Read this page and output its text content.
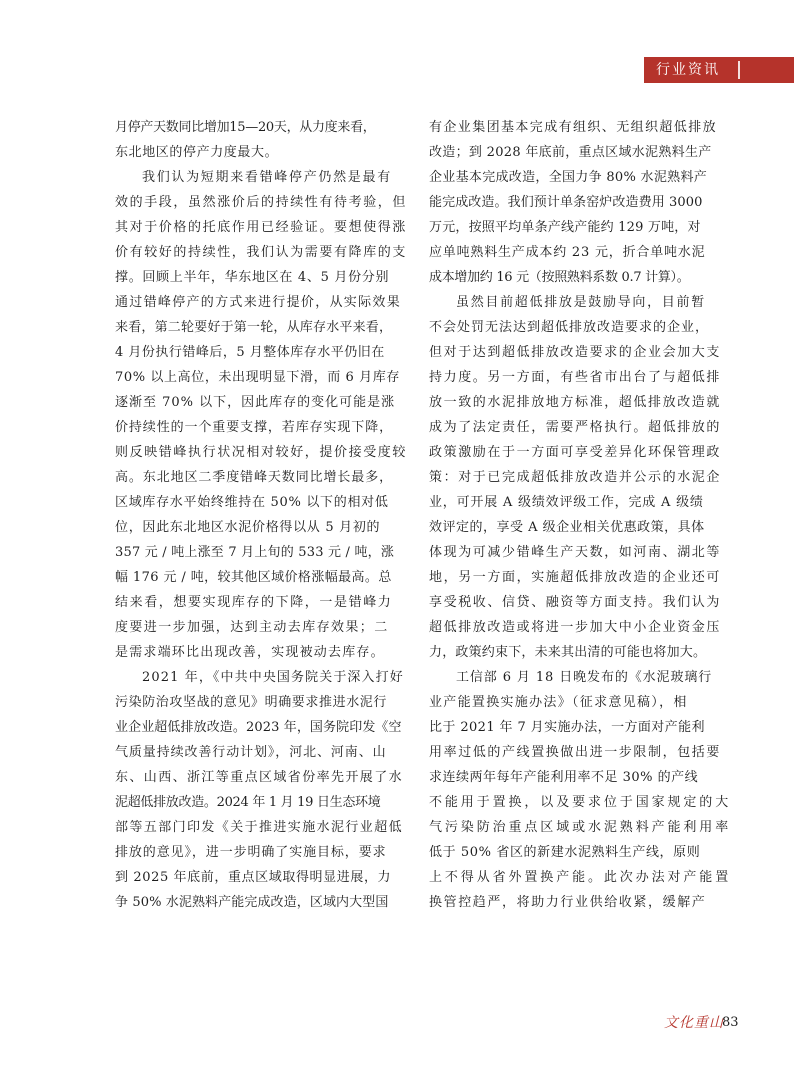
行业资讯
月停产天数同比增加15—20天，从力度来看，
东北地区的停产力度最大。
我们认为短期来看错峰停产仍然是最有
效的手段，虽然涨价后的持续性有待考验，但
其对于价格的托底作用已经验证。要想使得涨
价有较好的持续性，我们认为需要有降库的支
撑。回顾上半年，华东地区在 4、5 月份分别
通过错峰停产的方式来进行提价，从实际效果
来看，第二轮要好于第一轮，从库存水平来看，
4 月份执行错峰后，5 月整体库存水平仍旧在
70% 以上高位，未出现明显下滑，而 6 月库存
逐渐至 70% 以下，因此库存的变化可能是涨
价持续性的一个重要支撑，若库存实现下降，
则反映错峰执行状况相对较好，提价接受度较
高。东北地区二季度错峰天数同比增长最多，
区域库存水平始终维持在 50% 以下的相对低
位，因此东北地区水泥价格得以从 5 月初的
357 元 / 吨上涨至 7 月上旬的 533 元 / 吨，涨
幅 176 元 / 吨，较其他区域价格涨幅最高。总
结来看，想要实现库存的下降，一是错峰力
度要进一步加强，达到主动去库存效果；二
是需求端环比出现改善，实现被动去库存。
2021 年，《中共中央国务院关于深入打好
污染防治攻坚战的意见》明确要求推进水泥行
业企业超低排放改造。2023 年，国务院印发《空
气质量持续改善行动计划》，河北、河南、山
东、山西、浙江等重点区域省份率先开展了水
泥超低排放改造。2024 年 1 月 19 日生态环境
部等五部门印发《关于推进实施水泥行业超低
排放的意见》，进一步明确了实施目标，要求
到 2025 年底前，重点区域取得明显进展，力
争 50% 水泥熟料产能完成改造，区域内大型国
有企业集团基本完成有组织、无组织超低排放
改造；到 2028 年底前，重点区域水泥熟料生产
企业基本完成改造，全国力争 80% 水泥熟料产
能完成改造。我们预计单条窑炉改造费用 3000
万元，按照平均单条产线产能约 129 万吨，对
应单吨熟料生产成本约 23 元，折合单吨水泥
成本增加约 16 元（按照熟料系数 0.7 计算）。
虽然目前超低排放是鼓励导向，目前暂
不会处罚无法达到超低排放改造要求的企业，
但对于达到超低排放改造要求的企业会加大支
持力度。另一方面，有些省市出台了与超低排
放一致的水泥排放地方标准，超低排放改造就
成为了法定责任，需要严格执行。超低排放的
政策激励在于一方面可享受差异化环保管理政
策：对于已完成超低排放改造并公示的水泥企
业，可开展 A 级绩效评级工作，完成 A 级绩
效评定的，享受 A 级企业相关优惠政策，具体
体现为可减少错峰生产天数，如河南、湖北等
地，另一方面，实施超低排放改造的企业还可
享受税收、信贷、融资等方面支持。我们认为
超低排放改造或将进一步加大中小企业资金压
力，政策约束下，未来其出清的可能也将加大。
工信部 6 月 18 日晚发布的《水泥玻璃行
业产能置换实施办法》（征求意见稿），相
比于 2021 年 7 月实施办法，一方面对产能利
用率过低的产线置换做出进一步限制，包括要
求连续两年每年产能利用率不足 30% 的产线
不能用于置换，以及要求位于国家规定的大
气污染防治重点区域或水泥熟料产能利用率
低于 50% 省区的新建水泥熟料生产线，原则
上不得从省外置换产能。此次办法对产能置
换管控趋严，将助力行业供给收紧，缓解产
文化重山
83
